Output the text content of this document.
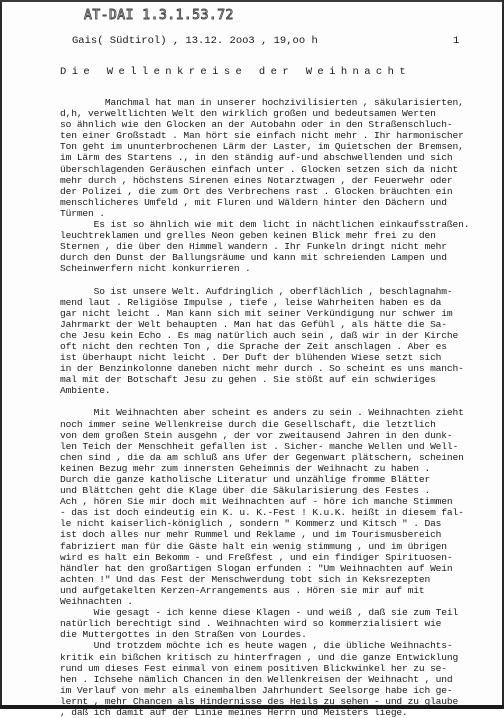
AT-DAI 1.3.1.53.72
Gais( Südtirol) , 13.12. 2oo3 , 19,oo h	1
Die Wellenkreise der Weihnacht

Manchmal hat man in unserer hochzivilisierten , säkularisierten,
d,h, verweltlichten Welt den wirklich großen und bedeutsamen Werten
so ähnlich wie den Glocken an der Autobahn oder in den Straßenschluch-
ten einer Großstadt . Man hört sie einfach nicht mehr . Ihr harmonischer
Ton geht im ununterbrochenen Lärm der Laster, im Quietschen der Bremsen,
im Lärm des Startens ., in den ständig auf-und abschwellenden und sich
überschlagenden Geräuschen einfach unter . Glocken setzen sich da nicht
mehr durch , höchstens Sirenen eines Notarztwagen , der Feuerwehr oder
der Polizei , die zum Ort des Verbrechens rast . Glocken bräuchten ein
menschlicheres Umfeld , mit Fluren und Wäldern hinter den Dächern und
Türmen .
Es ist so ähnlich wie mit dem licht in nächtlichen einkaufsstraßen.
leuchtreklamen und grelles Neon geben keinen Blick mehr frei zu den
Sternen , die über den Himmel wandern . Ihr Funkeln dringt nicht mehr
durch den Dunst der Ballungsräume und kann mit schreienden Lampen und
Scheinwerfern nicht konkurrieren .

So ist unsere Welt. Aufdringlich , oberflächlich , beschlagnahm-
mend laut . Religiöse Impulse , tiefe , leise Wahrheiten haben es da
gar nicht leicht . Man kann sich mit seiner Verkündigung nur schwer im
Jahrmarkt der Welt behaupten . Man hat das Gefühl , als hätte die Sa-
che Jesu kein Echo . Es mag natürlich auch sein , daß wir in der Kirche
oft nicht den rechten Ton , die Sprache der Zeit anschlagen . Aber es
ist überhaupt nicht leicht . Der Duft der blühenden Wiese setzt sich
in der Benzinkolonne daneben nicht mehr durch . So scheint es uns manch-
mal mit der Botschaft Jesu zu gehen . Sie stößt auf ein schwieriges
Ambiente.

Mit Weihnachten aber scheint es anders zu sein . Weihnachten zieht
noch immer seine Wellenkreise durch die Gesellschaft, die letztlich
von dem großen Stein ausgehn , der vor zweitausend Jahren in den dunk-
len Teich der Menschheit gefallen ist . Sicher- manche Wellen und Well-
chen sind , die da am schluß ans Ufer der Gegenwart plätschern, scheinen
keinen Bezug mehr zum innersten Geheimnis der Weihnacht zu haben .
Durch die ganze katholische Literatur und unzählige fromme Blätter
und Blättchen geht die Klage über die Säkularisierung des Festes .
Ach , hören Sie mir doch mit Weihnachten auf - höre ich manche Stimmen
- das ist doch eindeutig ein K. u. K.-Fest ! K.u.K. heißt in diesem fal-
le nicht kaiserlich-königlich , sondern " Kommerz und Kitsch " . Das
ist doch alles nur mehr Rummel und Reklame , und im Tourismusbereich
fabriziert man für die Gäste halt ein wenig stimmung , und im übrigen
wird es halt ein Bekomm - und Freßfest , und ein findiger Spirituosen-
händler hat den großartigen Slogan erfunden : "Um Weihnachten auf Wein
achten !" Und das Fest der Menschwerdung tobt sich in Keksrezepten
und aufgetakelten Kerzen-Arrangements aus . Hören sie mir auf mit
Weihnachten .
Wie gesagt - ich kenne diese Klagen - und weiß , daß sie zum Teil
natürlich berechtigt sind . Weihnachten wird so kommerzialisiert wie
die Muttergottes in den Straßen von Lourdes.
Und trotzdem möchte ich es heute wagen , die übliche Weihnachts-
kritik ein bißchen kritisch zu hinterfragen , und die ganze Entwicklung
rund um dieses Fest einmal von einem positiven Blickwinkel her zu se-
hen . Ichsehe nämlich Chancen in den Wellenkreisen der Weihnacht , und
im Verlauf von mehr als einemhalben Jahrhundert Seelsorge habe ich ge-
lernt , mehr Chancen als Hindernisse des Heils zu sehen - und zu glaube
, daß ich damit auf der Linie meines Herrn und Meisters liege.
